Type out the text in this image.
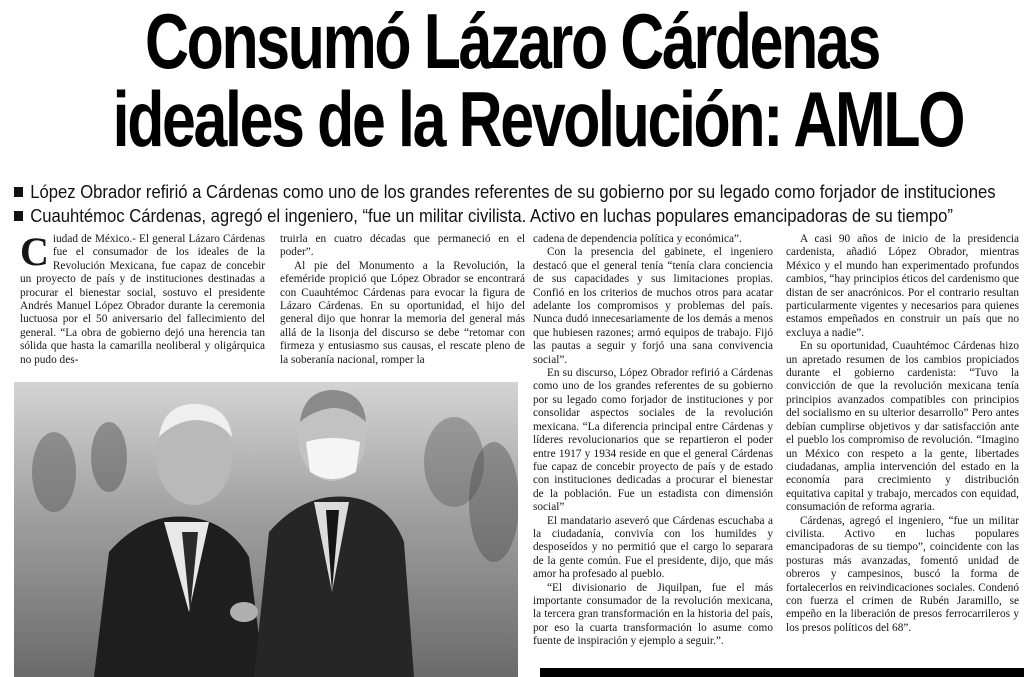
Consumó Lázaro Cárdenas
ideales de la Revolución: AMLO
López Obrador refirió a Cárdenas como uno de los grandes referentes de su gobierno por su legado como forjador de instituciones
Cuauhtémoc Cárdenas, agregó el ingeniero, “fue un militar civilista. Activo en luchas populares emancipadoras de su tiempo”

Ciudad de México.- El general Lázaro Cárdenas fue el consumador de los ideales de la Revolución Mexicana, fue capaz de concebir un proyecto de país y de instituciones destinadas a procurar el bienestar social, sostuvo el presidente Andrés Manuel López Obrador durante la ceremonia luctuosa por el 50 aniversario del fallecimiento del general. “La obra de gobierno dejó una herencia tan sólida que hasta la camarilla neoliberal y oligárquica no pudo des-

truirla en cuatro décadas que permaneció en el poder”.

Al pie del Monumento a la Revolución, la efeméride propició que López Obrador se encontrará con Cuauhtémoc Cárdenas para evocar la figura de Lázaro Cárdenas. En su oportunidad, el hijo del general dijo que honrar la memoria del general más allá de la lisonja del discurso se debe “retomar con firmeza y entusiasmo sus causas, el rescate pleno de la soberanía nacional, romper la

cadena de dependencia política y económica”.

Con la presencia del gabinete, el ingeniero destacó que el general tenía “tenía clara conciencia de sus capacidades y sus limitaciones propias. Confió en los criterios de muchos otros para acatar adelante los compromisos y problemas del país. Nunca dudó innecesariamente de los demás a menos que hubiesen razones; armó equipos de trabajo. Fijó las pautas a seguir y forjó una sana convivencia social”.

En su discurso, López Obrador refirió a Cárdenas como uno de los grandes referentes de su gobierno por su legado como forjador de instituciones y por consolidar aspectos sociales de la revolución mexicana. “La diferencia principal entre Cárdenas y líderes revolucionarios que se repartieron el poder entre 1917 y 1934 reside en que el general Cárdenas fue capaz de concebir proyecto de país y de estado con instituciones dedicadas a procurar el bienestar de la población. Fue un estadista con dimensión social”

El mandatario aseveró que Cárdenas escuchaba a la ciudadanía, convivía con los humildes y desposeídos y no permitió que el cargo lo separara de la gente común. Fue el presidente, dijo, que más amor ha profesado al pueblo.

“El divisionario de Jiquilpan, fue el más importante consumador de la revolución mexicana, la tercera gran transformación en la historia del país, por eso la cuarta transformación lo asume como fuente de inspiración y ejemplo a seguir.”.

A casi 90 años de inicio de la presidencia cardenista, añadió López Obrador, mientras México y el mundo han experimentado profundos cambios, “hay principios éticos del cardenismo que distan de ser anacrónicos. Por el contrario resultan particularmente vigentes y necesarios para quienes estamos empeñados en construir un país que no excluya a nadie”.

En su oportunidad, Cuauhtémoc Cárdenas hizo un apretado resumen de los cambios propiciados durante el gobierno cardenista: “Tuvo la convicción de que la revolución mexicana tenía principios avanzados compatibles con principios del socialismo en su ulterior desarrollo” Pero antes debían cumplirse objetivos y dar satisfacción ante el pueblo los compromiso de revolución. “Imagino un México con respeto a la gente, libertades ciudadanas, amplia intervención del estado en la economía para crecimiento y distribución equitativa capital y trabajo, mercados con equidad, consumación de reforma agraria.

Cárdenas, agregó el ingeniero, “fue un militar civilista. Activo en luchas populares emancipadoras de su tiempo”, coincidente con las posturas más avanzadas, fomentó unidad de obreros y campesinos, buscó la forma de fortalecerlos en reivindicaciones sociales. Condenó con fuerza el crimen de Rubén Jaramillo, se empeño en la liberación de presos ferrocarrileros y los presos políticos del 68”.
